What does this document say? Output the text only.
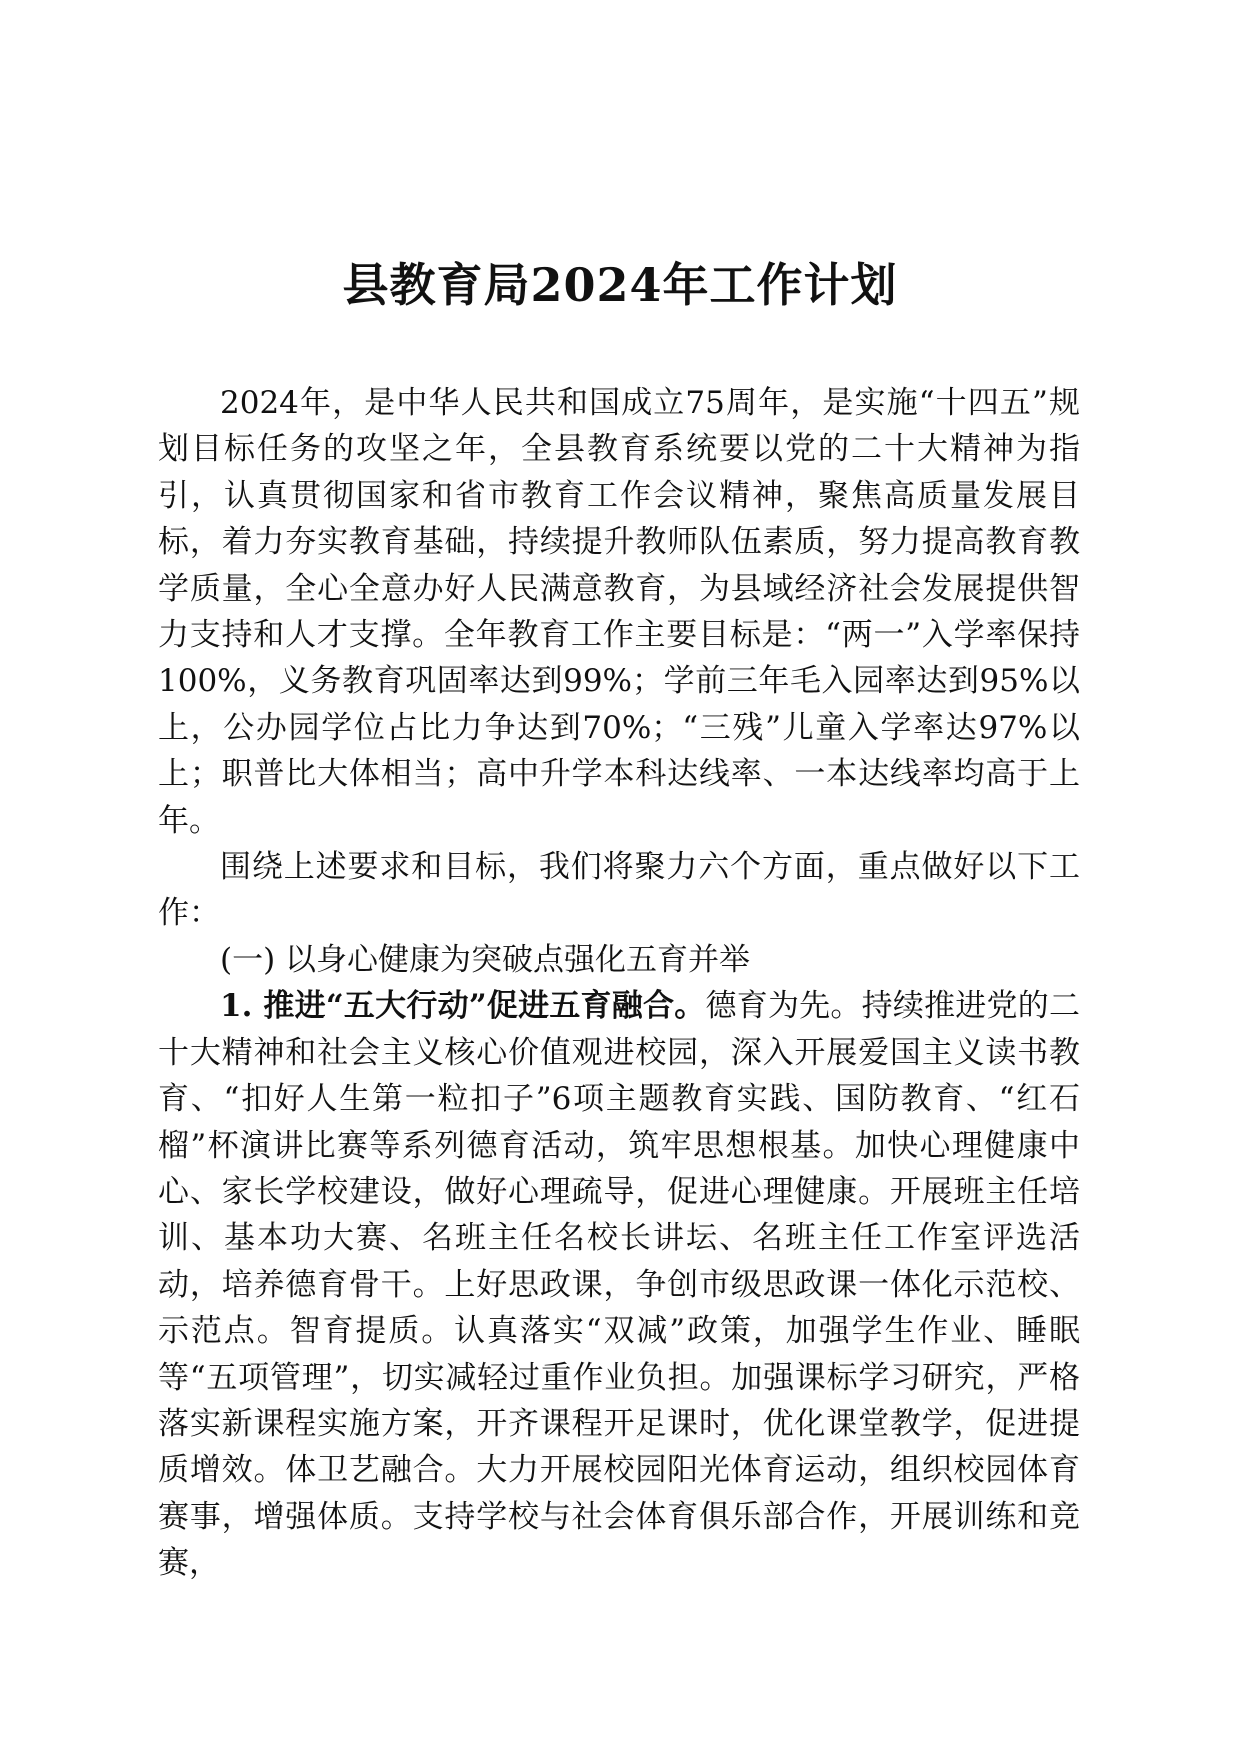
县教育局2024年工作计划

2024年，是中华人民共和国成立75周年，是实施“十四五”规划目标任务的攻坚之年，全县教育系统要以党的二十大精神为指引，认真贯彻国家和省市教育工作会议精神，聚焦高质量发展目标，着力夯实教育基础，持续提升教师队伍素质，努力提高教育教学质量，全心全意办好人民满意教育，为县域经济社会发展提供智力支持和人才支撑。全年教育工作主要目标是：“两一”入学率保持100%，义务教育巩固率达到99%；学前三年毛入园率达到95%以上，公办园学位占比力争达到70%；“三残”儿童入学率达97%以上；职普比大体相当；高中升学本科达线率、一本达线率均高于上年。

围绕上述要求和目标，我们将聚力六个方面，重点做好以下工作：

(一) 以身心健康为突破点强化五育并举

1. 推进“五大行动”促进五育融合。德育为先。持续推进党的二十大精神和社会主义核心价值观进校园，深入开展爱国主义读书教育、“扣好人生第一粒扣子”6项主题教育实践、国防教育、“红石榴”杯演讲比赛等系列德育活动，筑牢思想根基。加快心理健康中心、家长学校建设，做好心理疏导，促进心理健康。开展班主任培训、基本功大赛、名班主任名校长讲坛、名班主任工作室评选活动，培养德育骨干。上好思政课，争创市级思政课一体化示范校、示范点。智育提质。认真落实“双减”政策，加强学生作业、睡眠等“五项管理”，切实减轻过重作业负担。加强课标学习研究，严格落实新课程实施方案，开齐课程开足课时，优化课堂教学，促进提质增效。体卫艺融合。大力开展校园阳光体育运动，组织校园体育赛事，增强体质。支持学校与社会体育俱乐部合作，开展训练和竞赛，
